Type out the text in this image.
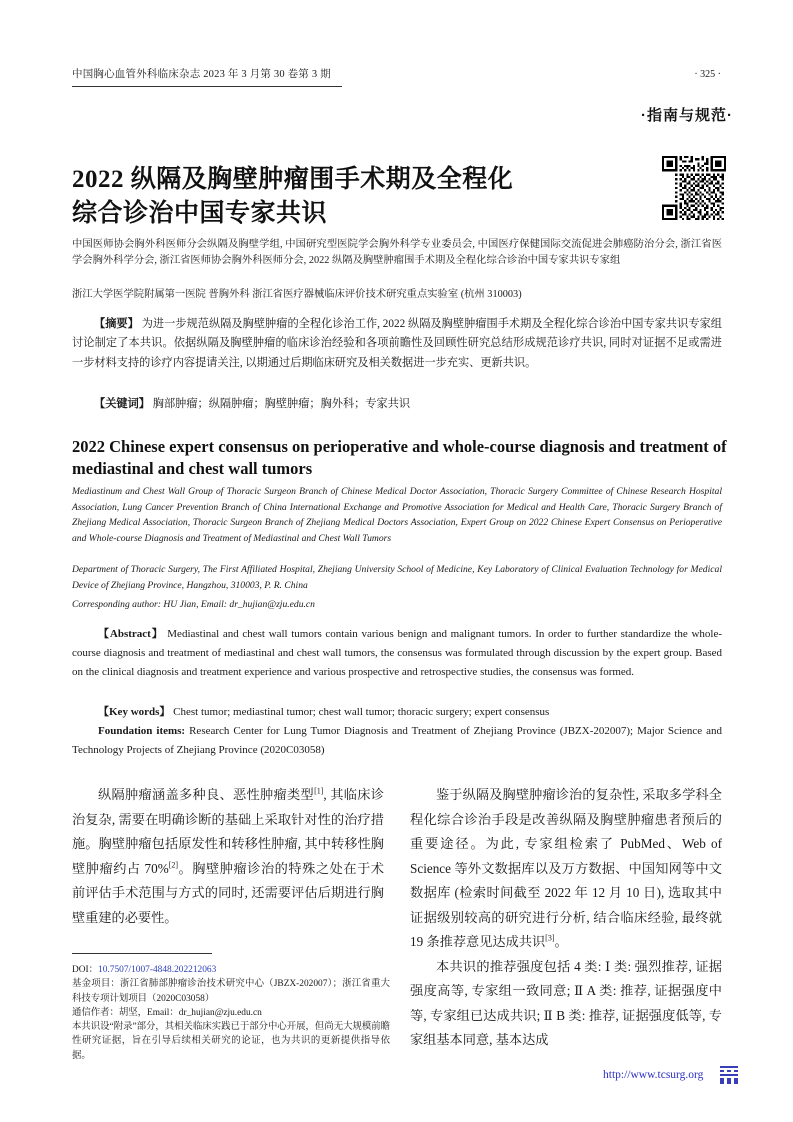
中国胸心血管外科临床杂志 2023 年 3 月第 30 卷第 3 期	· 325 ·
·指南与规范·
2022 纵隔及胸壁肿瘤围手术期及全程化
综合诊治中国专家共识
中国医师协会胸外科医师分会纵隔及胸壁学组, 中国研究型医院学会胸外科学专业委员会, 中国医疗保健国际交流促进会肺癌防治分会, 浙江省医学会胸外科学分会, 浙江省医师协会胸外科医师分会, 2022 纵隔及胸壁肿瘤围手术期及全程化综合诊治中国专家共识专家组
浙江大学医学院附属第一医院 普胸外科 浙江省医疗器械临床评价技术研究重点实验室 (杭州 310003)
【摘要】 为进一步规范纵隔及胸壁肿瘤的全程化诊治工作, 2022 纵隔及胸壁肿瘤围手术期及全程化综合诊治中国专家共识专家组讨论制定了本共识。依据纵隔及胸壁肿瘤的临床诊治经验和各项前瞻性及回顾性研究总结形成规范诊疗共识, 同时对证据不足或需进一步材料支持的诊疗内容提请关注, 以期通过后期临床研究及相关数据进一步充实、更新共识。
【关键词】 胸部肿瘤；纵隔肿瘤；胸壁肿瘤；胸外科；专家共识
2022 Chinese expert consensus on perioperative and whole-course diagnosis and treatment of mediastinal and chest wall tumors
Mediastinum and Chest Wall Group of Thoracic Surgeon Branch of Chinese Medical Doctor Association, Thoracic Surgery Committee of Chinese Research Hospital Association, Lung Cancer Prevention Branch of China International Exchange and Promotive Association for Medical and Health Care, Thoracic Surgery Branch of Zhejiang Medical Association, Thoracic Surgeon Branch of Zhejiang Medical Doctors Association, Expert Group on 2022 Chinese Expert Consensus on Perioperative and Whole-course Diagnosis and Treatment of Mediastinal and Chest Wall Tumors
Department of Thoracic Surgery, The First Affiliated Hospital, Zhejiang University School of Medicine, Key Laboratory of Clinical Evaluation Technology for Medical Device of Zhejiang Province, Hangzhou, 310003, P. R. China
Corresponding author: HU Jian, Email: dr_hujian@zju.edu.cn
【Abstract】 Mediastinal and chest wall tumors contain various benign and malignant tumors. In order to further standardize the whole-course diagnosis and treatment of mediastinal and chest wall tumors, the consensus was formulated through discussion by the expert group. Based on the clinical diagnosis and treatment experience and various prospective and retrospective studies, the consensus was formed.
【Key words】 Chest tumor; mediastinal tumor; chest wall tumor; thoracic surgery; expert consensus
Foundation items: Research Center for Lung Tumor Diagnosis and Treatment of Zhejiang Province (JBZX-202007); Major Science and Technology Projects of Zhejiang Province (2020C03058)

纵隔肿瘤涵盖多种良、恶性肿瘤类型[1], 其临床诊治复杂, 需要在明确诊断的基础上采取针对性的治疗措施。胸壁肿瘤包括原发性和转移性肿瘤, 其中转移性胸壁肿瘤约占 70%[2]。胸壁肿瘤诊治的特殊之处在于术前评估手术范围与方式的同时, 还需要评估后期进行胸壁重建的必要性。

鉴于纵隔及胸壁肿瘤诊治的复杂性, 采取多学科全程化综合诊治手段是改善纵隔及胸壁肿瘤患者预后的重要途径。为此, 专家组检索了 PubMed、Web of Science 等外文数据库以及万方数据、中国知网等中文数据库 (检索时间截至 2022 年 12 月 10 日), 选取其中证据级别较高的研究进行分析, 结合临床经验, 最终就 19 条推荐意见达成共识[3]。

本共识的推荐强度包括 4 类: Ⅰ 类: 强烈推荐, 证据强度高等, 专家组一致同意; Ⅱ A 类: 推荐, 证据强度中等, 专家组已达成共识; Ⅱ B 类: 推荐, 证据强度低等, 专家组基本同意, 基本达成

DOI：10.7507/1007-4848.202212063
基金项目：浙江省肺部肿瘤诊治技术研究中心（JBZX-202007）；浙江省重大科技专项计划项目（2020C03058）
通信作者：胡坚，Email：dr_hujian@zju.edu.cn
本共识设“附录”部分，其相关临床实践已于部分中心开展，但尚无大规模前瞻性研究证据，旨在引导后续相关研究的论证，也为共识的更新提供指导依据。
http://www.tcsurg.org
